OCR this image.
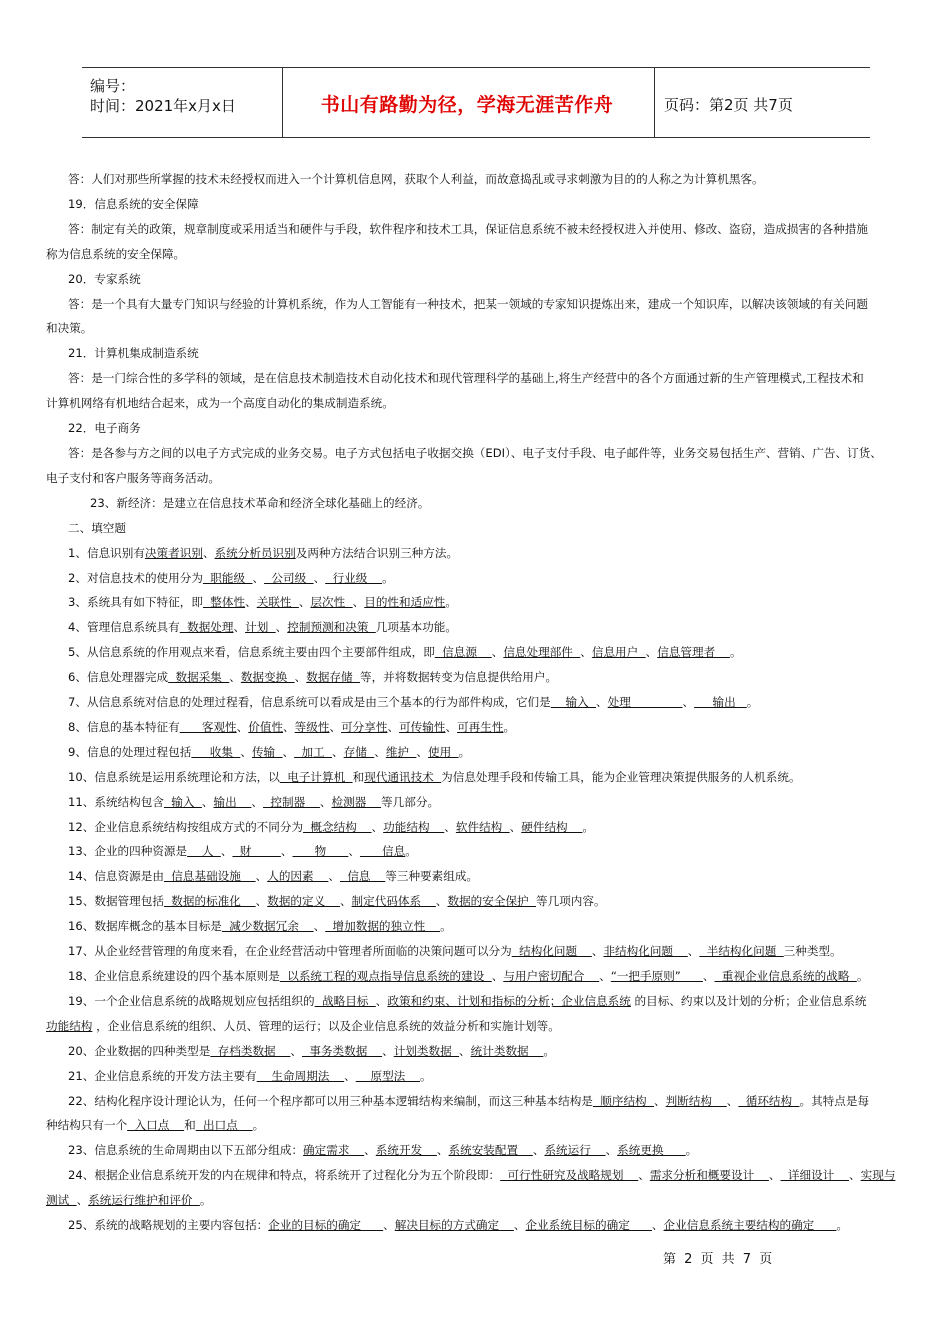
编号：
时间：2021年x月x日	书山有路勤为径，学海无涯苦作舟	页码：第2页 共7页

答：人们对那些所掌握的技术未经授权而进入一个计算机信息网，获取个人利益，而故意捣乱或寻求刺激为目的的人称之为计算机黑客。

19．信息系统的安全保障

答：制定有关的政策，规章制度或采用适当和硬件与手段，软件程序和技术工具，保证信息系统不被未经授权进入并使用、修改、盗窃，造成损害的各种措施

称为信息系统的安全保障。

20．专家系统

答：是一个具有大量专门知识与经验的计算机系统，作为人工智能有一种技术，把某一领域的专家知识提炼出来，建成一个知识库，以解决该领域的有关问题

和决策。

21．计算机集成制造系统

答：是一门综合性的多学科的领域，是在信息技术制造技术自动化技术和现代管理科学的基础上,将生产经营中的各个方面通过新的生产管理模式,工程技术和

计算机网络有机地结合起来，成为一个高度自动化的集成制造系统。

22．电子商务

答：是各参与方之间的以电子方式完成的业务交易。电子方式包括电子收据交换（EDI）、电子支付手段、电子邮件等，业务交易包括生产、营销、广告、订货、

电子支付和客户服务等商务活动。

23、新经济：是建立在信息技术革命和经济全球化基础上的经济。

二、填空题

1、信息识别有决策者识别、系统分析员识别及两种方法结合识别三种方法。

2、对信息技术的使用分为  职能级  、  公司级  、  行业级    。

3、系统具有如下特征，即  整体性、关联性  、层次性  、目的性和适应性。

4、管理信息系统具有  数据处理、计划  、控制预测和决策  几项基本功能。

5、从信息系统的作用观点来看，信息系统主要由四个主要部件组成，即  信息源    、信息处理部件  、信息用户  、信息管理者    。

6、信息处理器完成  数据采集  、数据变换  、数据存储  等，并将数据转变为信息提供给用户。

7、从信息系统对信息的处理过程看，信息系统可以看成是由三个基本的行为部件构成，它们是    输入  、处理              、     输出   。

8、信息的基本特征有      客观性、价值性、等级性、可分享性、可传输性、可再生性。

9、信息的处理过程包括     收集  、传输  、  加工  、存储  、维护  、使用  。

10、信息系统是运用系统理论和方法，以  电子计算机  和现代通讯技术  为信息处理手段和传输工具，能为企业管理决策提供服务的人机系统。

11、系统结构包含  输入  、输出    、  控制器    、检测器    等几部分。

12、企业信息系统结构按组成方式的不同分为  概念结构    、功能结构    、软件结构  、硬件结构    。

13、企业的四种资源是    人  、  财        、      物      、      信息。

14、信息资源是由  信息基础设施    、人的因素    、  信息    等三种要素组成。

15、数据管理包括  数据的标准化    、数据的定义    、制定代码体系    、数据的安全保护  等几项内容。

16、数据库概念的基本目标是  减少数据冗余    、  增加数据的独立性    。

17、从企业经营管理的角度来看，在企业经营活动中管理者所面临的决策问题可以分为  结构化问题    、非结构化问题    、  半结构化问题  三种类型。

18、企业信息系统建设的四个基本原则是  以系统工程的观点指导信息系统的建设  、与用户密切配合    、“一把手原则”      、  重视企业信息系统的战略  。

19、一个企业信息系统的战略规划应包括组织的  战略目标  、政策和约束、计划和指标的分析；企业信息系统 的目标、约束以及计划的分析；企业信息系统

功能结构 ，企业信息系统的组织、人员、管理的运行；以及企业信息系统的效益分析和实施计划等。

20、企业数据的四种类型是  存档类数据    、  事务类数据    、计划类数据  、统计类数据    。

21、企业信息系统的开发方法主要有    生命周期法    、    原型法    。

22、结构化程序设计理论认为，任何一个程序都可以用三种基本逻辑结构来编制，而这三种基本结构是  顺序结构  、判断结构    、  循环结构  。其特点是每

种结构只有一个  入口点    和  出口点    。

23、信息系统的生命周期由以下五部分组成：确定需求    、系统开发    、系统安装配置    、系统运行    、系统更换      。

24、根据企业信息系统开发的内在规律和特点，将系统开了过程化分为五个阶段即：  可行性研究及战略规划    、需求分析和概要设计    、  详细设计    、实现与

测试  、系统运行维护和评价  。

25、系统的战略规划的主要内容包括：企业的目标的确定      、解决目标的方式确定    、企业系统目标的确定      、企业信息系统主要结构的确定      。

第 2 页 共 7 页
